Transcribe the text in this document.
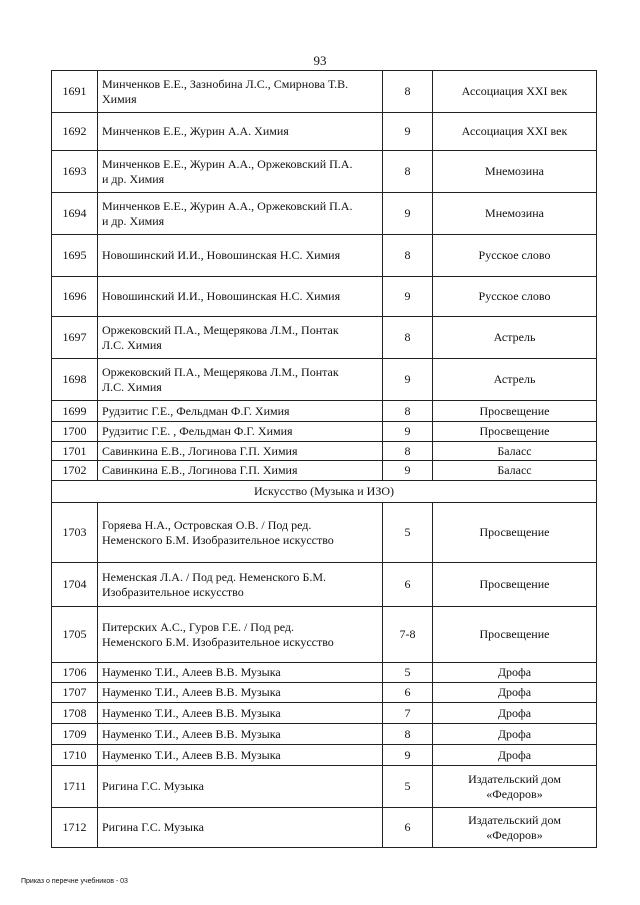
93
1691	Минченков Е.Е., Зазнобина Л.С., Смирнова Т.В.
Химия	8	Ассоциация XXI век

1692	Минченков Е.Е., Журин А.А. Химия	9	Ассоциация XXI век

1693	Минченков Е.Е., Журин А.А., Оржековский П.А.
и др. Химия	8	Мнемозина

1694	Минченков Е.Е., Журин А.А., Оржековский П.А.
и др. Химия	9	Мнемозина

1695	Новошинский И.И., Новошинская Н.С. Химия	8	Русское слово

1696	Новошинский И.И., Новошинская Н.С. Химия	9	Русское слово

1697	Оржековский П.А., Мещерякова Л.М., Понтак
Л.С. Химия	8	Астрель

1698	Оржековский П.А., Мещерякова Л.М., Понтак
Л.С. Химия	9	Астрель

1699	Рудзитис Г.Е., Фельдман Ф.Г. Химия	8	Просвещение

1700	Рудзитис Г.Е. , Фельдман Ф.Г. Химия	9	Просвещение

1701	Савинкина Е.В., Логинова Г.П. Химия	8	Баласс

1702	Савинкина Е.В., Логинова Г.П. Химия	9	Баласс

Искусство (Музыка и ИЗО)			
1703	Горяева Н.А., Островская О.В. / Под ред.
Неменского Б.М. Изобразительное искусство	5	Просвещение

1704	Неменская Л.А. / Под ред. Неменского Б.М.
Изобразительное искусство	6	Просвещение

1705	Питерских А.С., Гуров Г.Е. / Под ред.
Неменского Б.М. Изобразительное искусство	7-8	Просвещение

1706	Науменко Т.И., Алеев В.В. Музыка	5	Дрофа

1707	Науменко Т.И., Алеев В.В. Музыка	6	Дрофа

1708	Науменко Т.И., Алеев В.В. Музыка	7	Дрофа

1709	Науменко Т.И., Алеев В.В. Музыка	8	Дрофа

1710	Науменко Т.И., Алеев В.В. Музыка	9	Дрофа

1711	Ригина Г.С. Музыка	5	Издательский дом
«Федоров»

1712	Ригина Г.С. Музыка	6	Издательский дом
«Федоров»
Приказ о перечне учебников - 03
